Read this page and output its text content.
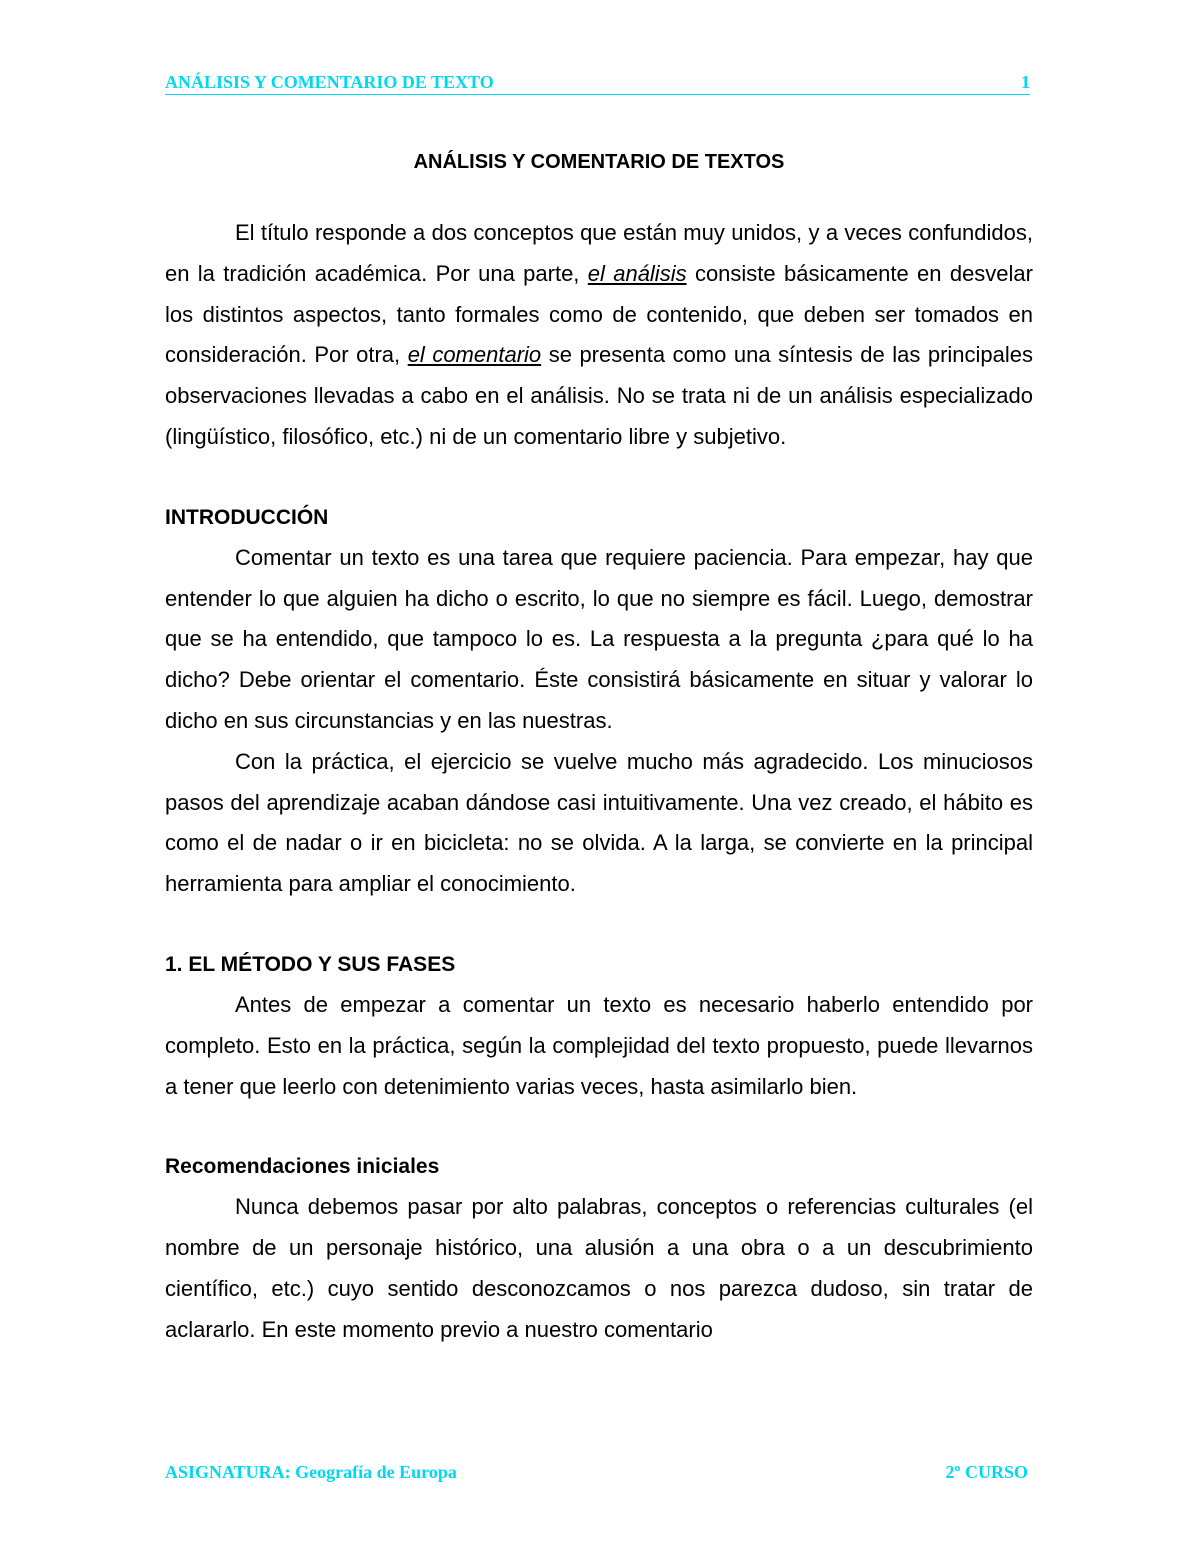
ANÁLISIS Y COMENTARIO DE TEXTO	1
ANÁLISIS Y COMENTARIO DE TEXTOS

El título responde a dos conceptos que están muy unidos, y a veces confundidos, en la tradición académica. Por una parte, el análisis consiste básicamente en desvelar los distintos aspectos, tanto formales como de contenido, que deben ser tomados en consideración. Por otra, el comentario se presenta como una síntesis de las principales observaciones llevadas a cabo en el análisis. No se trata ni de un análisis especializado (lingüístico, filosófico, etc.) ni de un comentario libre y subjetivo.

INTRODUCCIÓN

Comentar un texto es una tarea que requiere paciencia. Para empezar, hay que entender lo que alguien ha dicho o escrito, lo que no siempre es fácil. Luego, demostrar que se ha entendido, que tampoco lo es. La respuesta a la pregunta ¿para qué lo ha dicho? Debe orientar el comentario. Éste consistirá básicamente en situar y valorar lo dicho en sus circunstancias y en las nuestras.

Con la práctica, el ejercicio se vuelve mucho más agradecido. Los minuciosos pasos del aprendizaje acaban dándose casi intuitivamente. Una vez creado, el hábito es como el de nadar o ir en bicicleta: no se olvida. A la larga, se convierte en la principal herramienta para ampliar el conocimiento.

1. EL MÉTODO Y SUS FASES

Antes de empezar a comentar un texto es necesario haberlo entendido por completo. Esto en la práctica, según la complejidad del texto propuesto, puede llevarnos a tener que leerlo con detenimiento varias veces, hasta asimilarlo bien.

Recomendaciones iniciales

Nunca debemos pasar por alto palabras, conceptos o referencias culturales (el nombre de un personaje histórico, una alusión a una obra o a un descubrimiento científico, etc.) cuyo sentido desconozcamos o nos parezca dudoso, sin tratar de aclararlo. En este momento previo a nuestro comentario

ASIGNATURA: Geografía de Europa	2º CURSO
